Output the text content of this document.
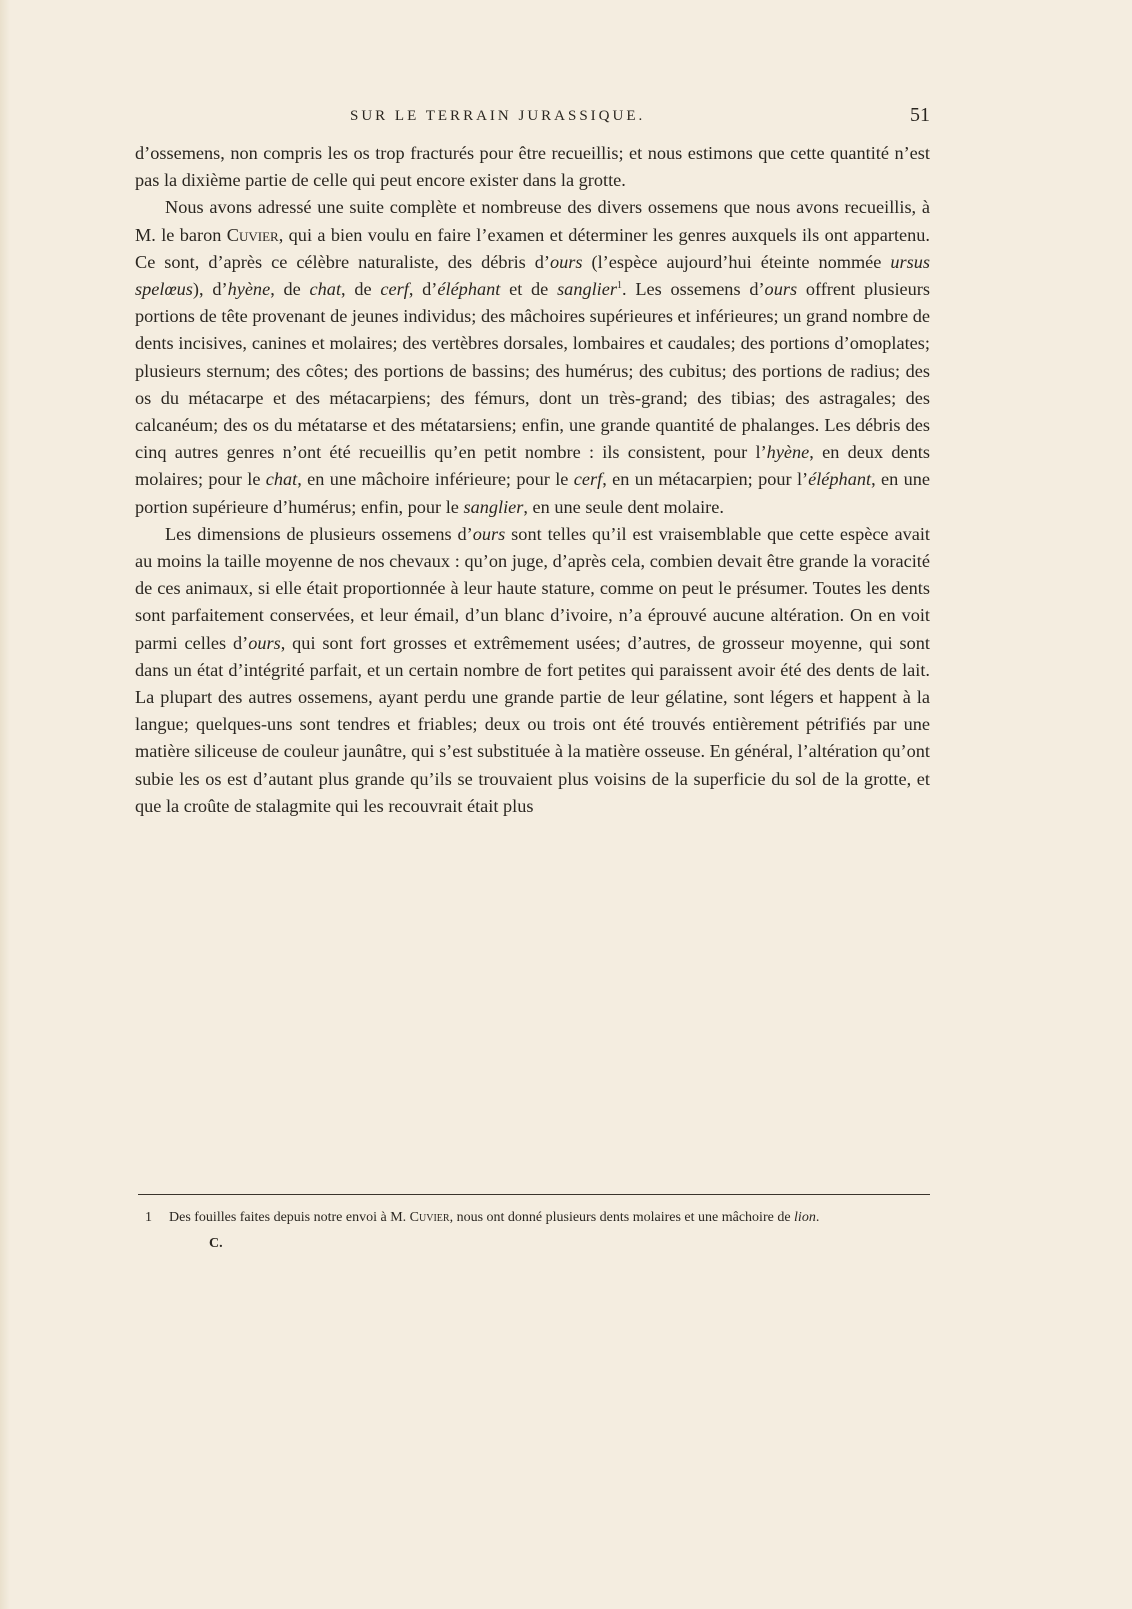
SUR LE TERRAIN JURASSIQUE.	51

d’ossemens, non compris les os trop fracturés pour être recueillis; et nous estimons que cette quantité n’est pas la dixième partie de celle qui peut encore exister dans la grotte.

Nous avons adressé une suite complète et nombreuse des divers ossemens que nous avons recueillis, à M. le baron Cuvier, qui a bien voulu en faire l’examen et déterminer les genres auxquels ils ont appartenu. Ce sont, d’après ce célèbre naturaliste, des débris d’ours (l’espèce aujourd’hui éteinte nommée ursus spelœus), d’hyène, de chat, de cerf, d’éléphant et de sanglier$^1$. Les ossemens d’ours offrent plusieurs portions de tête provenant de jeunes individus; des mâchoires supérieures et inférieures; un grand nombre de dents incisives, canines et molaires; des vertèbres dorsales, lombaires et caudales; des portions d’omoplates; plusieurs sternum; des côtes; des portions de bassins; des humérus; des cubitus; des portions de radius; des os du métacarpe et des métacarpiens; des fémurs, dont un très-grand; des tibias; des astragales; des calcanéum; des os du métatarse et des métatarsiens; enfin, une grande quantité de phalanges. Les débris des cinq autres genres n’ont été recueillis qu’en petit nombre : ils consistent, pour l’hyène, en deux dents molaires; pour le chat, en une mâchoire inférieure; pour le cerf, en un métacarpien; pour l’éléphant, en une portion supérieure d’humérus; enfin, pour le sanglier, en une seule dent molaire.

Les dimensions de plusieurs ossemens d’ours sont telles qu’il est vraisemblable que cette espèce avait au moins la taille moyenne de nos chevaux : qu’on juge, d’après cela, combien devait être grande la voracité de ces animaux, si elle était proportionnée à leur haute stature, comme on peut le présumer. Toutes les dents sont parfaitement conservées, et leur émail, d’un blanc d’ivoire, n’a éprouvé aucune altération. On en voit parmi celles d’ours, qui sont fort grosses et extrêmement usées; d’autres, de grosseur moyenne, qui sont dans un état d’intégrité parfait, et un certain nombre de fort petites qui paraissent avoir été des dents de lait. La plupart des autres ossemens, ayant perdu une grande partie de leur gélatine, sont légers et happent à la langue; quelques-uns sont tendres et friables; deux ou trois ont été trouvés entièrement pétrifiés par une matière siliceuse de couleur jaunâtre, qui s’est substituée à la matière osseuse. En général, l’altération qu’ont subie les os est d’autant plus grande qu’ils se trouvaient plus voisins de la superficie du sol de la grotte, et que la croûte de stalagmite qui les recouvrait était plus

1 Des fouilles faites depuis notre envoi à M. Cuvier, nous ont donné plusieurs dents molaires et une mâchoire de lion.

C.
